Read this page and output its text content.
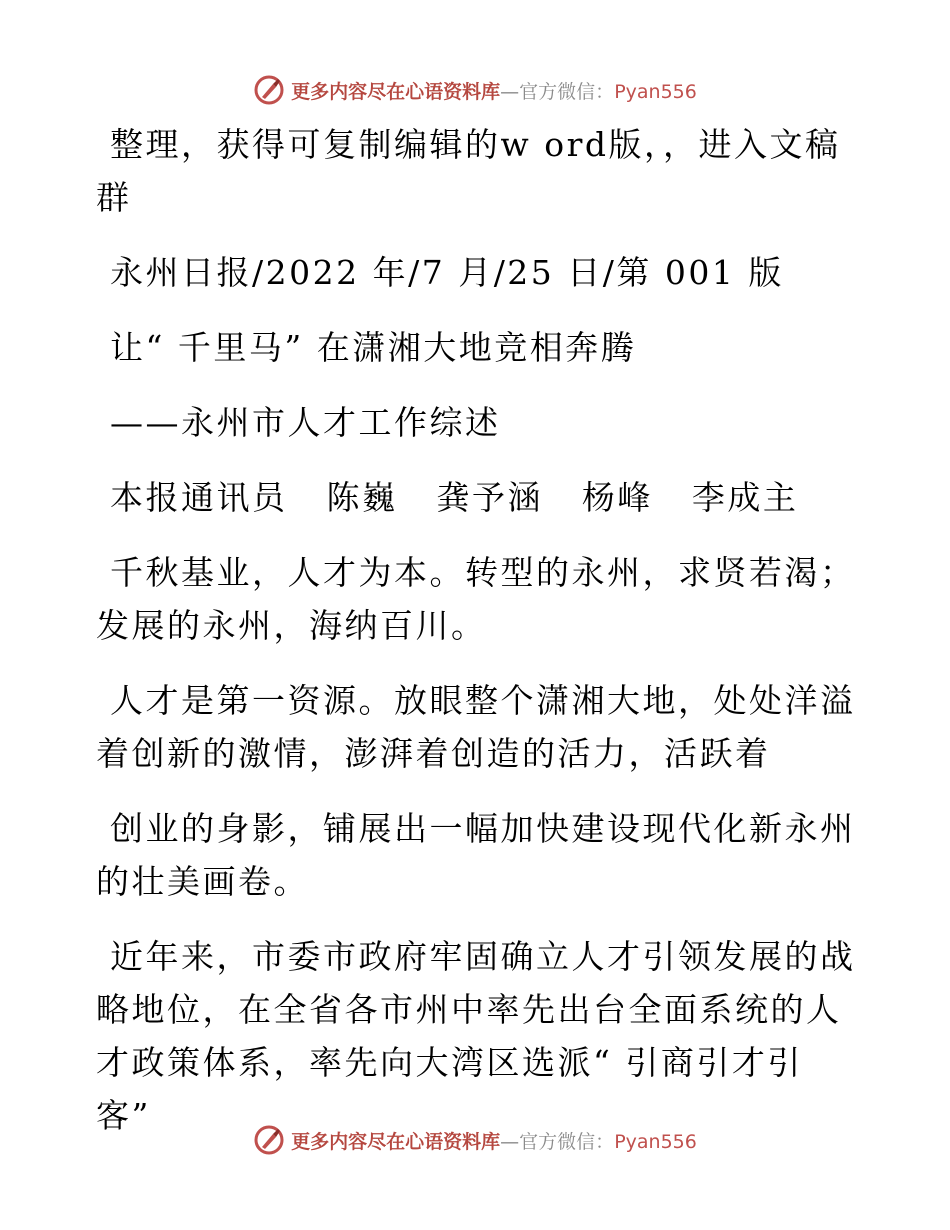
更多内容尽在心语资料库—官方微信：Pyan556

整理，获得可复制编辑的w ord版，，进入文稿群

永州日报/2022 年/7 月/25 日/第 001 版

让“ 千里马” 在潇湘大地竞相奔腾

——永州市人才工作综述

本报通讯员   陈巍   龚予涵   杨峰   李成主

千秋基业，人才为本。转型的永州，求贤若渴；发展的永州，海纳百川。

人才是第一资源。放眼整个潇湘大地，处处洋溢着创新的激情，澎湃着创造的活力，活跃着

创业的身影，铺展出一幅加快建设现代化新永州的壮美画卷。

近年来，市委市政府牢固确立人才引领发展的战略地位，在全省各市州中率先出台全面系统的人才政策体系，率先向大湾区选派“ 引商引才引客”

更多内容尽在心语资料库—官方微信：Pyan556
